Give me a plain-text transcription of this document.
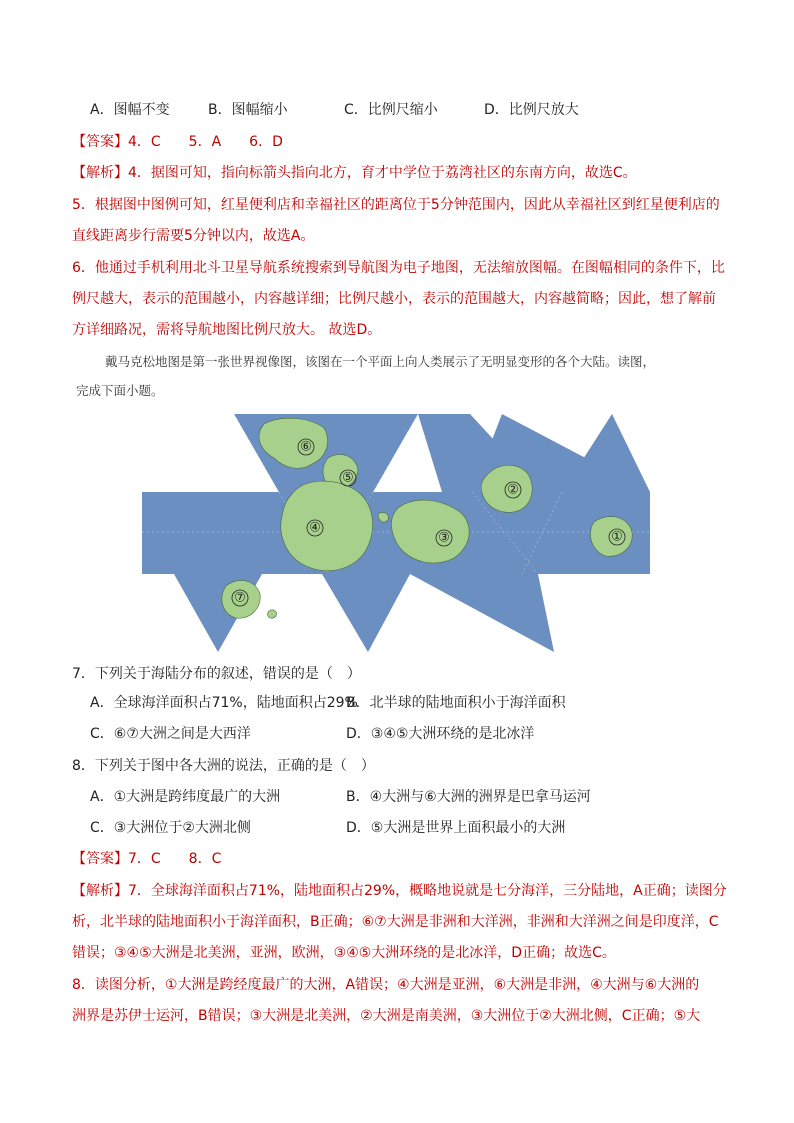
A．图幅不变	B．图幅缩小	C．比例尺缩小	D．比例尺放大
【答案】4．C　　5．A　　6．D
【解析】4．据图可知，指向标箭头指向北方，育才中学位于荔湾社区的东南方向，故选C。
5．根据图中图例可知，红星便利店和幸福社区的距离位于5分钟范围内，因此从幸福社区到红星便利店的
直线距离步行需要5分钟以内，故选A。
6．他通过手机利用北斗卫星导航系统搜索到导航图为电子地图，无法缩放图幅。在图幅相同的条件下，比
例尺越大，表示的范围越小，内容越详细；比例尺越小，表示的范围越大，内容越简略；因此，想了解前
方详细路况，需将导航地图比例尺放大。 故选D。
戴马克松地图是第一张世界视像图，该图在一个平面上向人类展示了无明显变形的各个大陆。读图，
完成下面小题。
①
②
③
④
⑤
⑥
⑦
7．下列关于海陆分布的叙述，错误的是（　）
A．全球海洋面积占71%，陆地面积占29%
B．北半球的陆地面积小于海洋面积
C．⑥⑦大洲之间是大西洋	D．③④⑤大洲环绕的是北冰洋
8．下列关于图中各大洲的说法，正确的是（　）
A．①大洲是跨纬度最广的大洲	B．④大洲与⑥大洲的洲界是巴拿马运河
C．③大洲位于②大洲北侧	D．⑤大洲是世界上面积最小的大洲
【答案】7．C　　8．C
【解析】7．全球海洋面积占71%，陆地面积占29%，概略地说就是七分海洋，三分陆地，A正确；读图分
析，北半球的陆地面积小于海洋面积，B正确；⑥⑦大洲是非洲和大洋洲，非洲和大洋洲之间是印度洋，C
错误；③④⑤大洲是北美洲，亚洲，欧洲，③④⑤大洲环绕的是北冰洋，D正确；故选C。
8．读图分析，①大洲是跨经度最广的大洲，A错误；④大洲是亚洲，⑥大洲是非洲，④大洲与⑥大洲的
洲界是苏伊士运河，B错误；③大洲是北美洲，②大洲是南美洲，③大洲位于②大洲北侧，C正确；⑤大
